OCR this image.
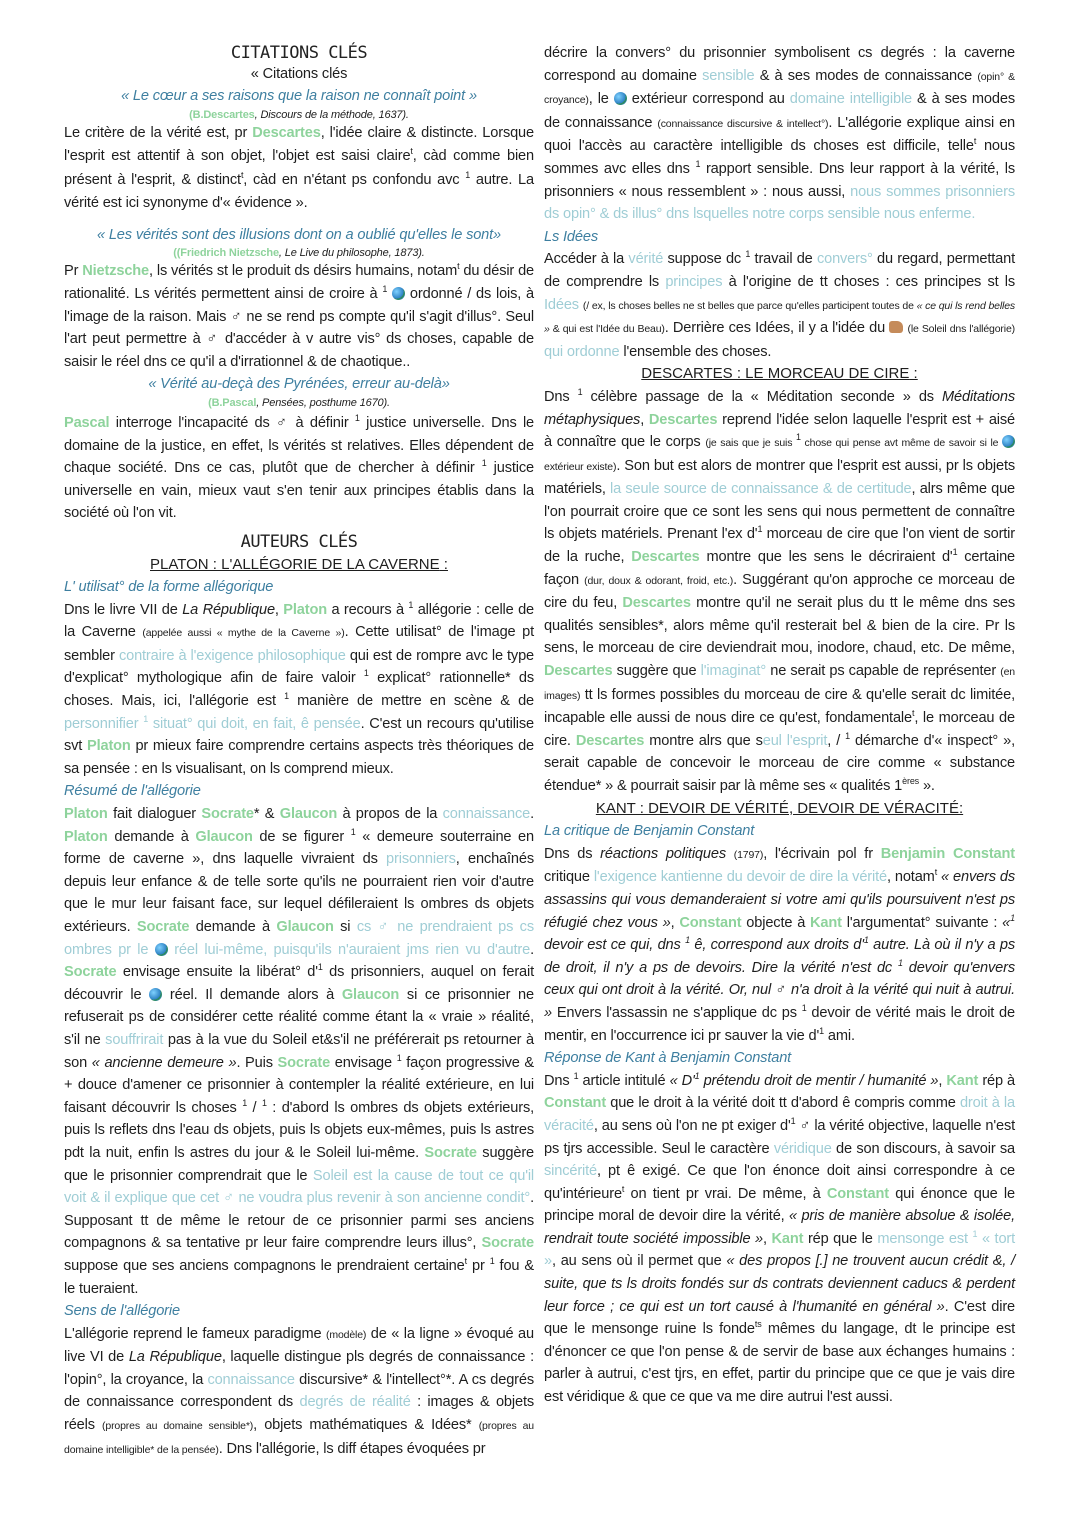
CITATIONS CLÉS
« Citations clés
« Le cœur a ses raisons que la raison ne connaît point »
(B.Descartes, Discours de la méthode, 1637).

Le critère de la vérité est, pr Descartes, l'idée claire & distincte. Lorsque l'esprit est attentif à son objet, l'objet est saisi claire$^t$, càd comme bien présent à l'esprit, & distinct$^t$, càd en n'étant ps confondu avc $^1$ autre. La vérité est ici synonyme d'« évidence ».

« Les vérités sont des illusions dont on a oublié qu'elles le sont»
((Friedrich Nietzsche, Le Live du philosophe, 1873).

Pr Nietzsche, ls vérités st le produit ds désirs humains, notam$^t$ du désir de rationalité. Ls vérités permettent ainsi de croire à $^1$  ordonné / ds lois, à l'image de la raison. Mais ♂ ne se rend ps compte qu'il s'agit d'illus°. Seul l'art peut permettre à ♂ d'accéder à v autre vis° ds choses, capable de saisir le réel dns ce qu'il a d'irrationnel & de chaotique..

« Vérité au-deçà des Pyrénées, erreur au-delà»
(B.Pascal, Pensées, posthume 1670).

Pascal interroge l'incapacité ds ♂ à définir $^1$ justice universelle. Dns le domaine de la justice, en effet, ls vérités st relatives. Elles dépendent de chaque société. Dns ce cas, plutôt que de chercher à définir $^1$ justice universelle en vain, mieux vaut s'en tenir aux principes établis dans la société où l'on vit.

AUTEURS CLÉS
PLATON : L'ALLÉGORIE DE LA CAVERNE :
L' utilisat° de la forme allégorique

Dns le livre VII de La République, Platon a recours à $^1$ allégorie : celle de la Caverne (appelée aussi « mythe de la Caverne »). Cette utilisat° de l'image pt sembler contraire à l'exigence philosophique qui est de rompre avc le type d'explicat° mythologique afin de faire valoir $^1$ explicat° rationnelle* ds choses. Mais, ici, l'allégorie est $^1$ manière de mettre en scène & de personnifier $^1$ situat° qui doit, en fait, ê pensée. C'est un recours qu'utilise svt Platon pr mieux faire comprendre certains aspects très théoriques de sa pensée : en ls visualisant, on ls comprend mieux.

Résumé de l'allégorie

Platon fait dialoguer Socrate* & Glaucon à propos de la connaissance. Platon demande à Glaucon de se figurer $^1$ « demeure souterraine en forme de caverne », dns laquelle vivraient ds prisonniers, enchaînés depuis leur enfance & de telle sorte qu'ils ne pourraient rien voir d'autre que le mur leur faisant face, sur lequel défileraient ls ombres ds objets extérieurs. Socrate demande à Glaucon si cs ♂ ne prendraient ps cs ombres pr le  réel lui-même, puisqu'ils n'auraient jms rien vu d'autre. Socrate envisage ensuite la libérat° $d'^1$ ds prisonniers, auquel on ferait découvrir le  réel. Il demande alors à Glaucon si ce prisonnier ne refuserait ps de considérer cette réalité comme étant la « vraie » réalité, s'il ne souffrirait pas à la vue du Soleil et&s'il ne préférerait ps retourner à son « ancienne demeure ». Puis Socrate envisage $^1$ façon progressive & + douce d'amener ce prisonnier à contempler la réalité extérieure, en lui faisant découvrir ls choses $^1$ / $^1$ : d'abord ls ombres ds objets extérieurs, puis ls reflets dns l'eau ds objets, puis ls objets eux-mêmes, puis ls astres pdt la nuit, enfin ls astres du jour & le Soleil lui-même. Socrate suggère que le prisonnier comprendrait que le Soleil est la cause de tout ce qu'il voit & il explique que cet ♂ ne voudra plus revenir à son ancienne condit°. Supposant tt de même le retour de ce prisonnier parmi ses anciens compagnons & sa tentative pr leur faire comprendre leurs illus°, Socrate suppose que ses anciens compagnons le prendraient certaine$^t$ pr $^1$ fou & le tueraient.

Sens de l'allégorie

L'allégorie reprend le fameux paradigme (modèle) de « la ligne » évoqué au live VI de La République, laquelle distingue pls degrés de connaissance : l'opin°, la croyance, la connaissance discursive* & l'intellect°*. A cs degrés de connaissance correspondent ds degrés de réalité : images & objets réels (propres au domaine sensible*), objets mathématiques & Idées* (propres au domaine intelligible* de la pensée). Dns l'allégorie, ls diff étapes évoquées pr

décrire la convers° du prisonnier symbolisent cs degrés : la caverne correspond au domaine sensible & à ses modes de connaissance (opin° & croyance), le  extérieur correspond au domaine intelligible & à ses modes de connaissance (connaissance discursive & intellect°). L'allégorie explique ainsi en quoi l'accès au caractère intelligible ds choses est difficile, telle$^t$ nous sommes avc elles dns $^1$ rapport sensible. Dns leur rapport à la vérité, ls prisonniers « nous ressemblent » : nous aussi, nous sommes prisonniers ds opin° & ds illus° dns lsquelles notre corps sensible nous enferme.

Ls Idées

Accéder à la vérité suppose dc $^1$ travail de convers° du regard, permettant de comprendre ls principes à l'origine de tt choses : ces principes st ls Idées (/ ex, ls choses belles ne st belles que parce qu'elles participent toutes de « ce qui ls rend belles » & qui est l'Idée du Beau). Derrière ces Idées, il y a l'idée du  (le Soleil dns l'allégorie) qui ordonne l'ensemble des choses.

DESCARTES : LE MORCEAU DE CIRE :

Dns $^1$ célèbre passage de la « Méditation seconde » ds Méditations métaphysiques, Descartes reprend l'idée selon laquelle l'esprit est + aisé à connaître que le corps (je sais que je suis $^1$ chose qui pense avt même de savoir si le  extérieur existe). Son but est alors de montrer que l'esprit est aussi, pr ls objets matériels, la seule source de connaissance & de certitude, alrs même que l'on pourrait croire que ce sont les sens qui nous permettent de connaître ls objets matériels. Prenant l'ex $d'^1$ morceau de cire que l'on vient de sortir de la ruche, Descartes montre que les sens le décriraient $d'^1$ certaine façon (dur, doux & odorant, froid, etc.). Suggérant qu'on approche ce morceau de cire du feu, Descartes montre qu'il ne serait plus du tt le même dns ses qualités sensibles*, alors même qu'il resterait bel & bien de la cire. Pr ls sens, le morceau de cire deviendrait mou, inodore, chaud, etc. De même, Descartes suggère que l'imaginat° ne serait ps capable de représenter (en images) tt ls formes possibles du morceau de cire & qu'elle serait dc limitée, incapable elle aussi de nous dire ce qu'est, fondamentale$^t$, le morceau de cire. Descartes montre alrs que seul l'esprit, / $^1$ démarche d'« inspect° », serait capable de concevoir le morceau de cire comme « substance étendue* » & pourrait saisir par là même ses « qualités 1ères ».

KANT : DEVOIR DE VÉRITÉ, DEVOIR DE VÉRACITÉ:
La critique de Benjamin Constant

Dns ds réactions politiques (1797), l'écrivain pol fr Benjamin Constant critique l'exigence kantienne du devoir de dire la vérité, notam$^t$ « envers ds assassins qui vous demanderaient si votre ami qu'ils poursuivent n'est ps réfugié chez vous », Constant objecte à Kant l'argumentat° suivante : «$^1$ devoir est ce qui, dns $^1$ ê, correspond aux droits $d'^1$ autre. Là où il n'y a ps de droit, il n'y a ps de devoirs. Dire la vérité n'est dc $^1$ devoir qu'envers ceux qui ont droit à la vérité. Or, nul ♂ n'a droit à la vérité qui nuit à autrui. » Envers l'assassin ne s'applique dc ps $^1$ devoir de vérité mais le droit de mentir, en l'occurrence ici pr sauver la vie $d'^1$ ami.

Réponse de Kant à Benjamin Constant

Dns $^1$ article intitulé « $D'^1$ prétendu droit de mentir / humanité », Kant rép à Constant que le droit à la vérité doit tt d'abord ê compris comme droit à la véracité, au sens où l'on ne pt exiger $d'^1$ ♂ la vérité objective, laquelle n'est ps tjrs accessible. Seul le caractère véridique de son discours, à savoir sa sincérité, pt ê exigé. Ce que l'on énonce doit ainsi correspondre à ce qu'intérieure$^t$ on tient pr vrai. De même, à Constant qui énonce que le principe moral de devoir dire la vérité, « pris de manière absolue & isolée, rendrait toute société impossible », Kant rép que le mensonge est $^1$ « tort », au sens où il permet que « des propos [.] ne trouvent aucun crédit &, / suite, que ts ls droits fondés sur ds contrats deviennent caducs & perdent leur force ; ce qui est un tort causé à l'humanité en général ». C'est dire que le mensonge ruine ls fonde$^{ts}$ mêmes du langage, dt le principe est d'énoncer ce que l'on pense & de servir de base aux échanges humains : parler à autrui, c'est tjrs, en effet, partir du principe que ce que je vais dire est véridique & que ce que va me dire autrui l'est aussi.
